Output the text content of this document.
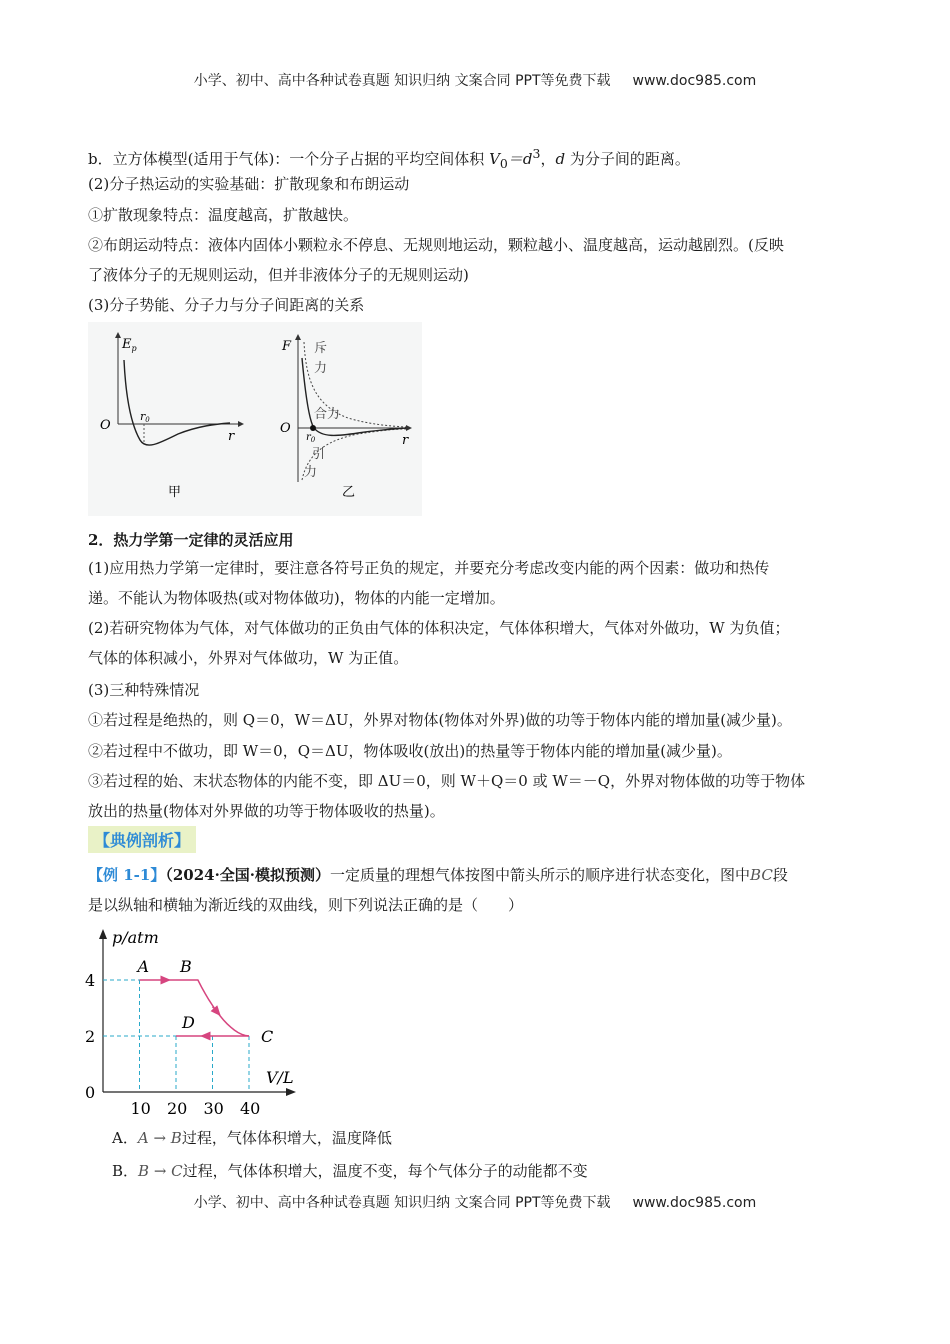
小学、初中、高中各种试卷真题 知识归纳 文案合同 PPT等免费下载 www.doc985.com
小学、初中、高中各种试卷真题 知识归纳 文案合同 PPT等免费下载 www.doc985.com
b．立方体模型(适用于气体)：一个分子占据的平均空间体积 $V_0=d^3$，d 为分子间的距离。
(2)分子热运动的实验基础：扩散现象和布朗运动
①扩散现象特点：温度越高，扩散越快。
②布朗运动特点：液体内固体小颗粒永不停息、无规则地运动，颗粒越小、温度越高，运动越剧烈。(反映
了液体分子的无规则运动，但并非液体分子的无规则运动)
(3)分子势能、分子力与分子间距离的关系
$E_p$
O
r0
r
甲
F
O
$r_0$	r
斥
力
合力
引
力
乙
2．热力学第一定律的灵活应用
(1)应用热力学第一定律时，要注意各符号正负的规定，并要充分考虑改变内能的两个因素：做功和热传
递。不能认为物体吸热(或对物体做功)，物体的内能一定增加。
(2)若研究物体为气体，对气体做功的正负由气体的体积决定，气体体积增大，气体对外做功，W 为负值；
气体的体积减小，外界对气体做功，W 为正值。
(3)三种特殊情况
①若过程是绝热的，则 Q＝0，W＝ΔU，外界对物体(物体对外界)做的功等于物体内能的增加量(减少量)。
②若过程中不做功，即 W＝0，Q＝ΔU，物体吸收(放出)的热量等于物体内能的增加量(减少量)。
③若过程的始、末状态物体的内能不变，即 ΔU＝0，则 W＋Q＝0 或 W＝－Q，外界对物体做的功等于物体
放出的热量(物体对外界做的功等于物体吸收的热量)。
【典例剖析】
【例 1-1】（2024·全国·模拟预测）一定质量的理想气体按图中箭头所示的顺序进行状态变化，图中BC段
是以纵轴和横轴为渐近线的双曲线，则下列说法正确的是（　　）
A B
C
D
10 20 30 40
0
2
4
p/atm
V/L
A．A → B过程，气体体积增大，温度降低
B．B → C过程，气体体积增大，温度不变，每个气体分子的动能都不变
